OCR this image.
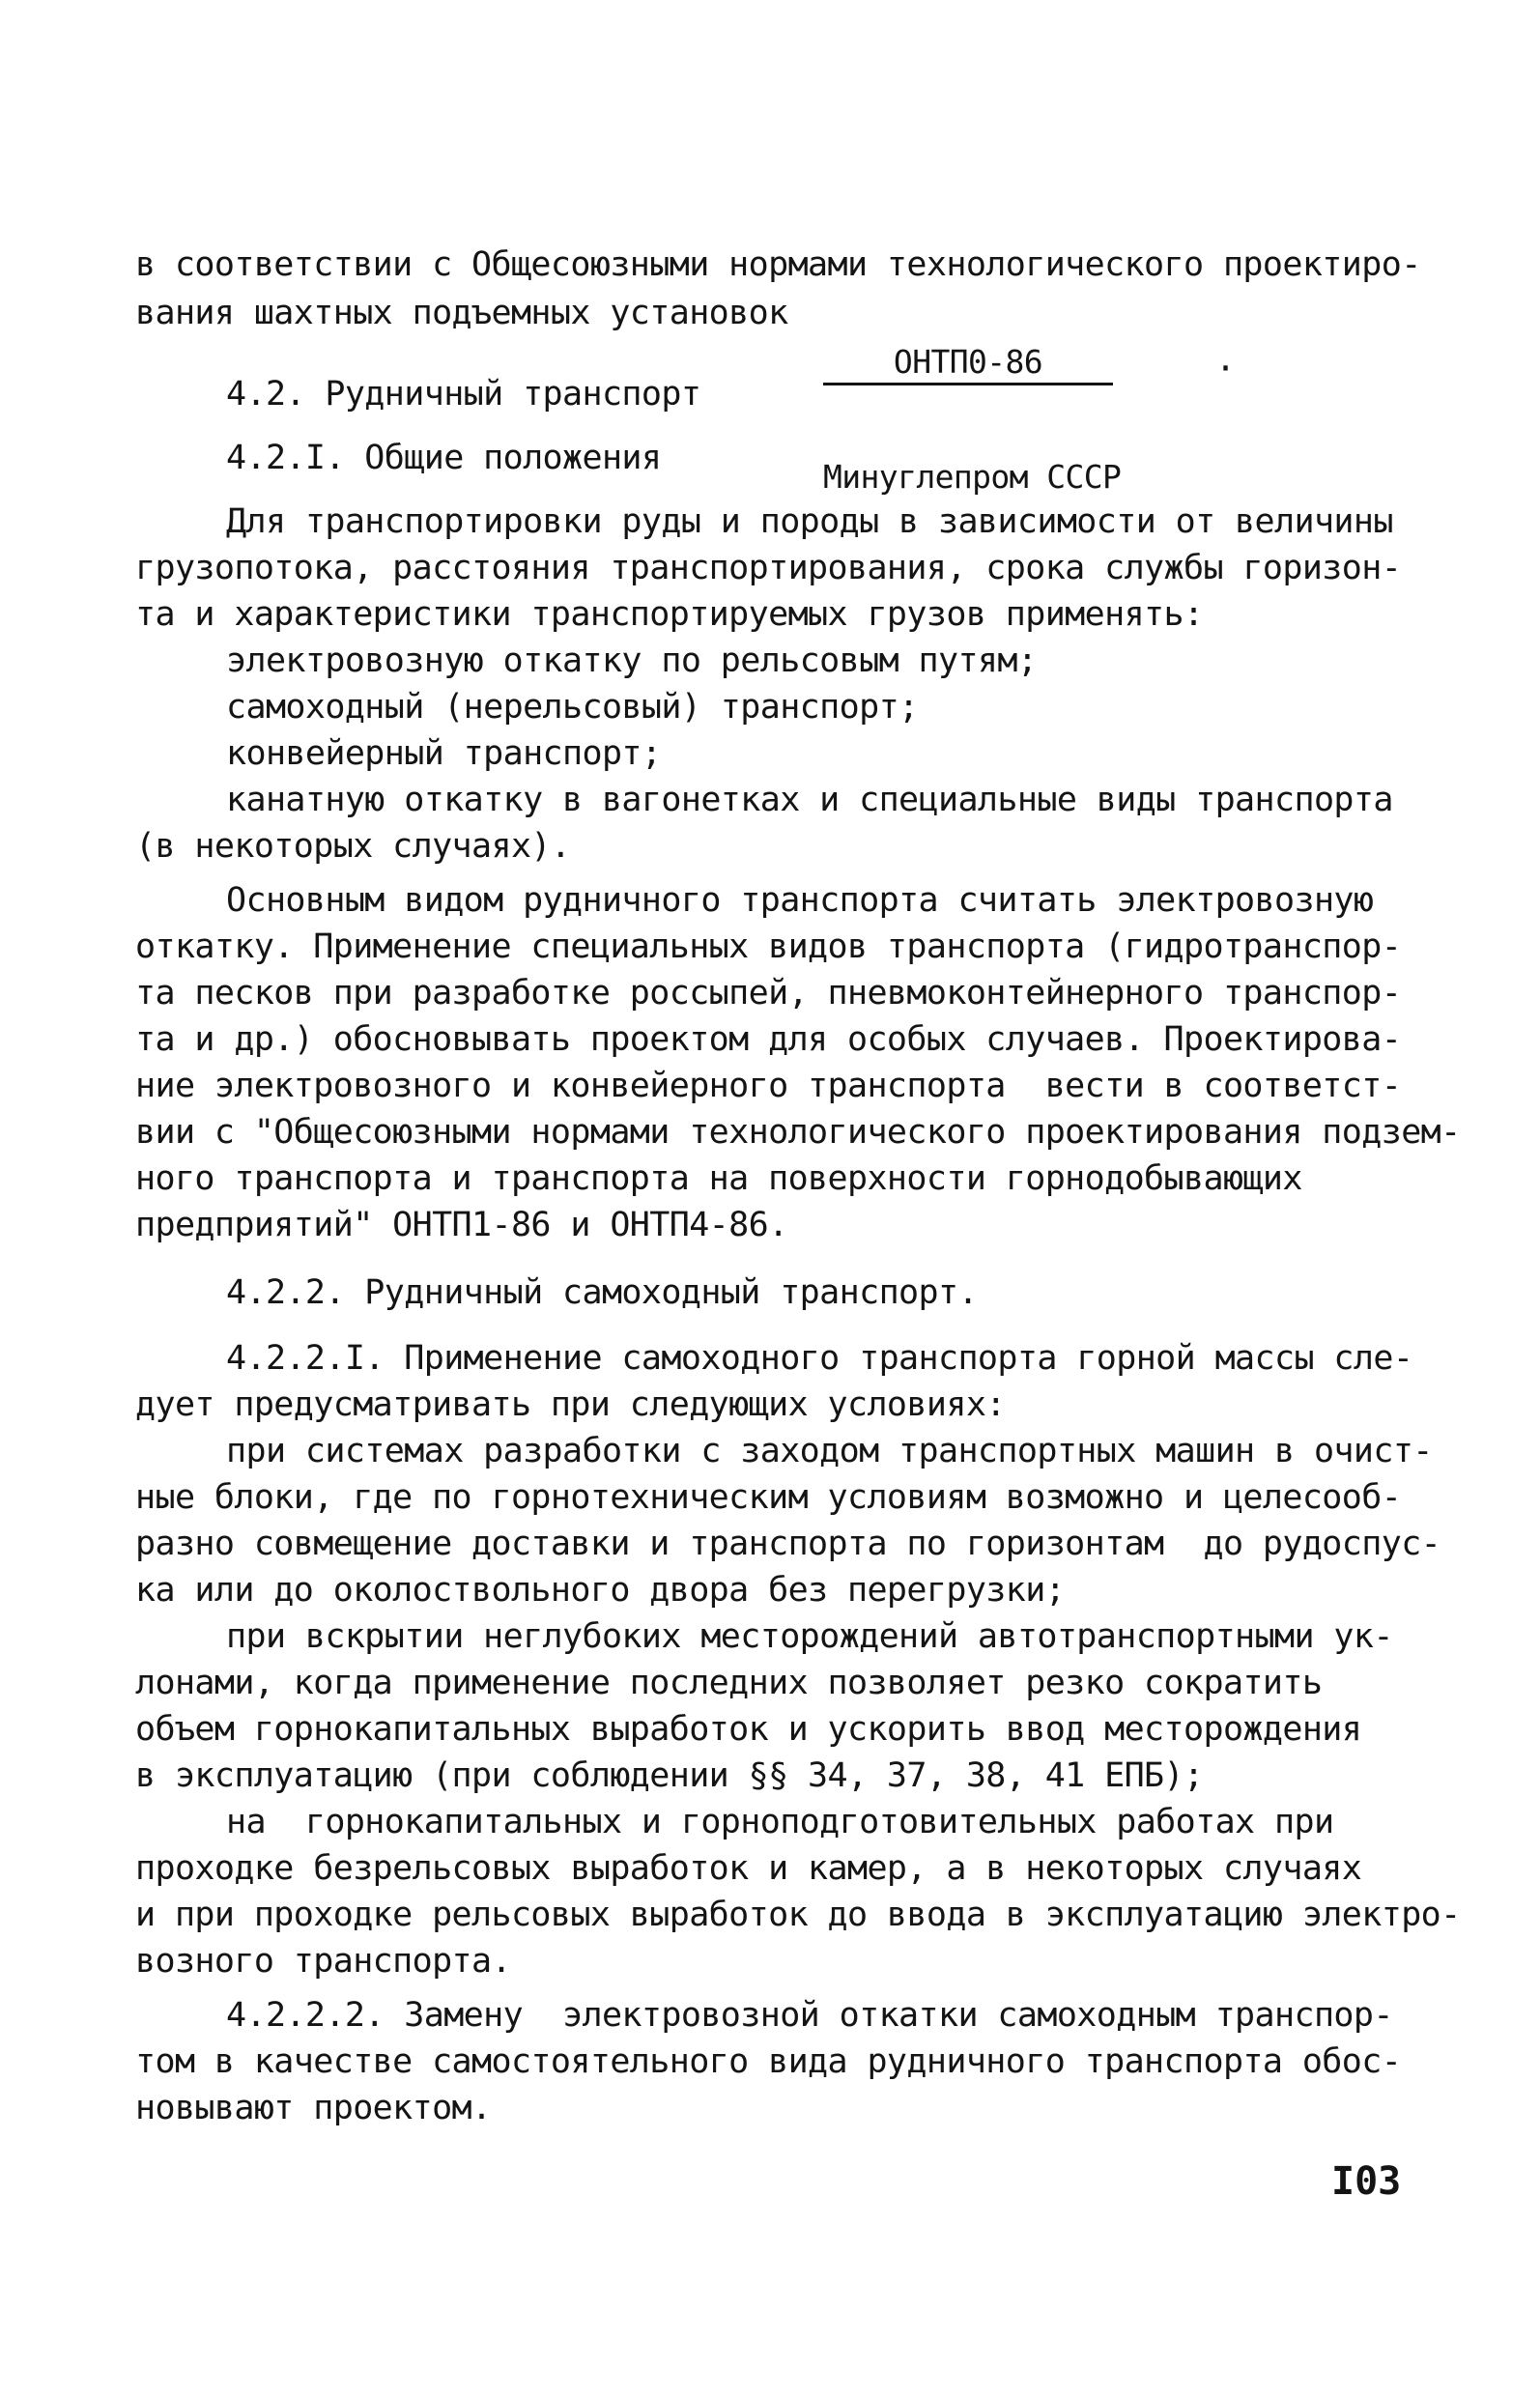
в соответствии с Общесоюзными нормами технологического проектиро-
вания шахтных подъемных установок

ОНТП0-86

Минуглепром СССР

·
4.2. Рудничный транспорт
4.2.I. Общие положения
Для транспортировки руды и породы в зависимости от величины
грузопотока, расстояния транспортирования, срока службы горизон-
та и характеристики транспортируемых грузов применять:
электровозную откатку по рельсовым путям;
самоходный (нерельсовый) транспорт;
конвейерный транспорт;
канатную откатку в вагонетках и специальные виды транспорта
(в некоторых случаях).
Основным видом рудничного транспорта считать электровозную
откатку. Применение специальных видов транспорта (гидротранспор-
та песков при разработке россыпей, пневмоконтейнерного транспор-
та и др.) обосновывать проектом для особых случаев. Проектирова-
ние электровозного и конвейерного транспорта  вести в соответст-
вии с "Общесоюзными нормами технологического проектирования подзем-
ного транспорта и транспорта на поверхности горнодобывающих
предприятий" ОНТП1-86 и ОНТП4-86.
4.2.2. Рудничный самоходный транспорт.
4.2.2.I. Применение самоходного транспорта горной массы сле-
дует предусматривать при следующих условиях:
при системах разработки с заходом транспортных машин в очист-
ные блоки, где по горнотехническим условиям возможно и целесооб-
разно совмещение доставки и транспорта по горизонтам  до рудоспус-
ка или до околоствольного двора без перегрузки;
при вскрытии неглубоких месторождений автотранспортными ук-
лонами, когда применение последних позволяет резко сократить
объем горнокапитальных выработок и ускорить ввод месторождения
в эксплуатацию (при соблюдении §§ 34, 37, 38, 41 ЕПБ);
на  горнокапитальных и горноподготовительных работах при
проходке безрельсовых выработок и камер, а в некоторых случаях
и при проходке рельсовых выработок до ввода в эксплуатацию электро-
возного транспорта.
4.2.2.2. Замену  электровозной откатки самоходным транспор-
том в качестве самостоятельного вида рудничного транспорта обос-
новывают проектом.
I03
